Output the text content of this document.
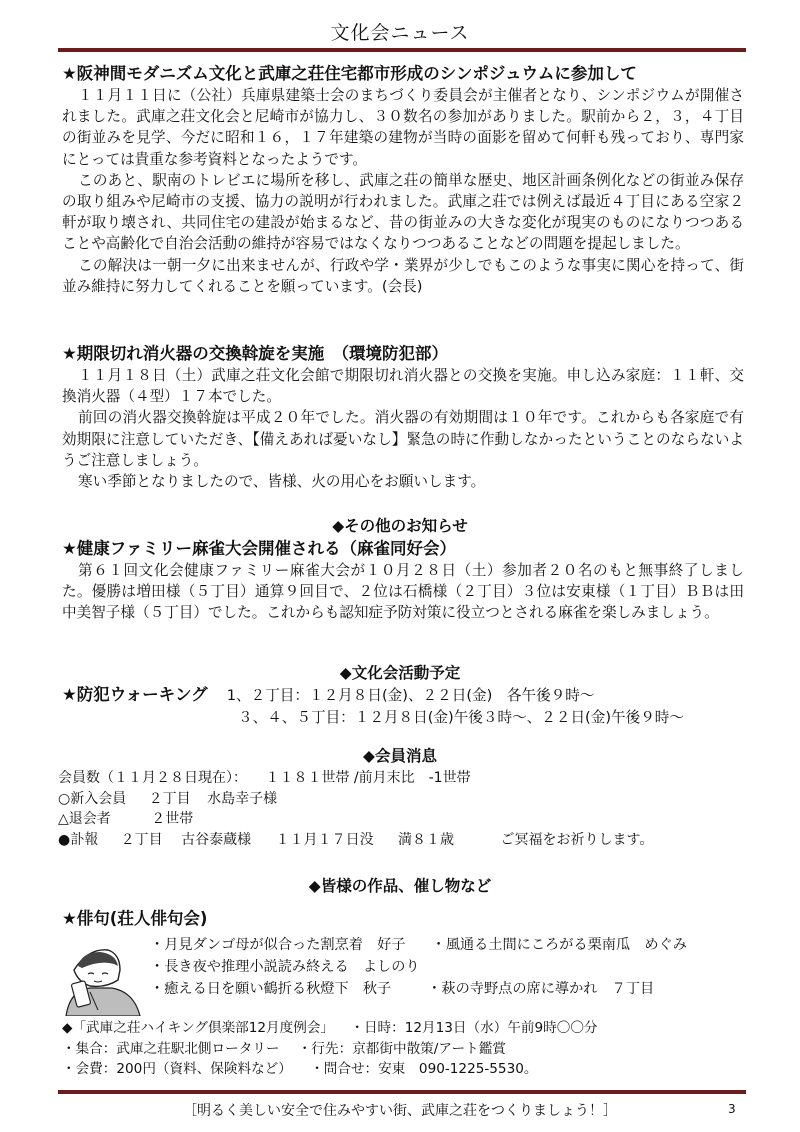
文化会ニュース
★阪神間モダニズム文化と武庫之荘住宅都市形成のシンポジュウムに参加して
１１月１１日に（公社）兵庫県建築士会のまちづくり委員会が主催者となり、シンポジウムが開催されました。武庫之荘文化会と尼崎市が協力し、３０数名の参加がありました。駅前から２，３，４丁目の街並みを見学、今だに昭和１６，１７年建築の建物が当時の面影を留めて何軒も残っており、専門家にとっては貴重な参考資料となったようです。
このあと、駅南のトレビエに場所を移し、武庫之荘の簡単な歴史、地区計画条例化などの街並み保存の取り組みや尼崎市の支援、協力の説明が行われました。武庫之荘では例えば最近４丁目にある空家２軒が取り壊され、共同住宅の建設が始まるなど、昔の街並みの大きな変化が現実のものになりつつあることや高齢化で自治会活動の維持が容易ではなくなりつつあることなどの問題を提起しました。
この解決は一朝一夕に出来ませんが、行政や学・業界が少しでもこのような事実に関心を持って、街並み維持に努力してくれることを願っています。(会長)
★期限切れ消火器の交換斡旋を実施　（環境防犯部）
１１月１８日（土）武庫之荘文化会館で期限切れ消火器との交換を実施。申し込み家庭：１１軒、交換消火器（４型）１７本でした。
前回の消火器交換斡旋は平成２０年でした。消火器の有効期間は１０年です。これからも各家庭で有効期限に注意していただき、【備えあれば憂いなし】緊急の時に作動しなかったということのならないようご注意しましょう。
寒い季節となりましたので、皆様、火の用心をお願いします。
◆その他のお知らせ
★健康ファミリー麻雀大会開催される（麻雀同好会）
第６１回文化会健康ファミリー麻雀大会が１０月２８日（土）参加者２０名のもと無事終了しました。優勝は増田様（５丁目）通算９回目で、２位は石橋様（２丁目）３位は安東様（１丁目）ＢＢは田中美智子様（５丁目）でした。これからも認知症予防対策に役立つとされる麻雀を楽しみましょう。
◆文化会活動予定
★防犯ウォーキング 1、２丁目：１２月８日(金)、２２日(金)　各午後９時～
３、４、５丁目：１２月８日(金)午後３時～、２２日(金)午後９時～
◆会員消息
会員数（１１月２８日現在）： １１８１世帯 /前月末比　-1世帯
○新入会員 ２丁目 水島幸子様
△退会者	２世帯
●訃報 ２丁目 古谷泰蔵様 １１月１７日没 満８１歳	ご冥福をお祈りします。
◆皆様の作品、催し物など
★俳句(荘人俳句会)
・月見ダンゴ母が似合った割烹着　好子 ・風通る土間にころがる栗南瓜　めぐみ
・長き夜や推理小説読み終える　よしのり
・癒える日を願い鶴折る秋燈下　秋子	・萩の寺野点の席に導かれ　７丁目
◆「武庫之荘ハイキング倶楽部12月度例会」 ・日時：12月13日（水）午前9時〇〇分
・集合：武庫之荘駅北側ロータリー ・行先：京都街中散策/アート鑑賞
・会費：200円（資料、保険料など） ・問合せ：安東　090-1225-5530。
［明るく美しい安全で住みやすい街、武庫之荘をつくりましょう！］	3
